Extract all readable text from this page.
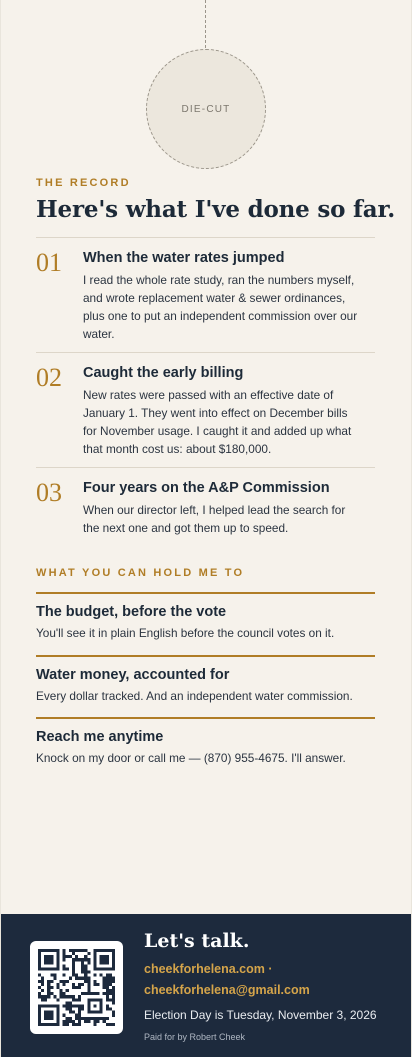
DIE-CUT
THE RECORD
Here's what I've done so far.
01	When the water rates jumped
I read the whole rate study, ran the numbers myself,
and wrote replacement water & sewer ordinances,
plus one to put an independent commission over our
water.
02	Caught the early billing
New rates were passed with an effective date of
January 1. They went into effect on December bills
for November usage. I caught it and added up what
that month cost us: about $180,000.
03	Four years on the A&P Commission
When our director left, I helped lead the search for
the next one and got them up to speed.
WHAT YOU CAN HOLD ME TO
The budget, before the vote
You'll see it in plain English before the council votes on it.
Water money, accounted for
Every dollar tracked. And an independent water commission.
Reach me anytime
Knock on my door or call me — (870) 955-4675. I'll answer.
Let's talk.
cheekforhelena.com ·
cheekforhelena@gmail.com
Election Day is Tuesday, November 3, 2026
Paid for by Robert Cheek
